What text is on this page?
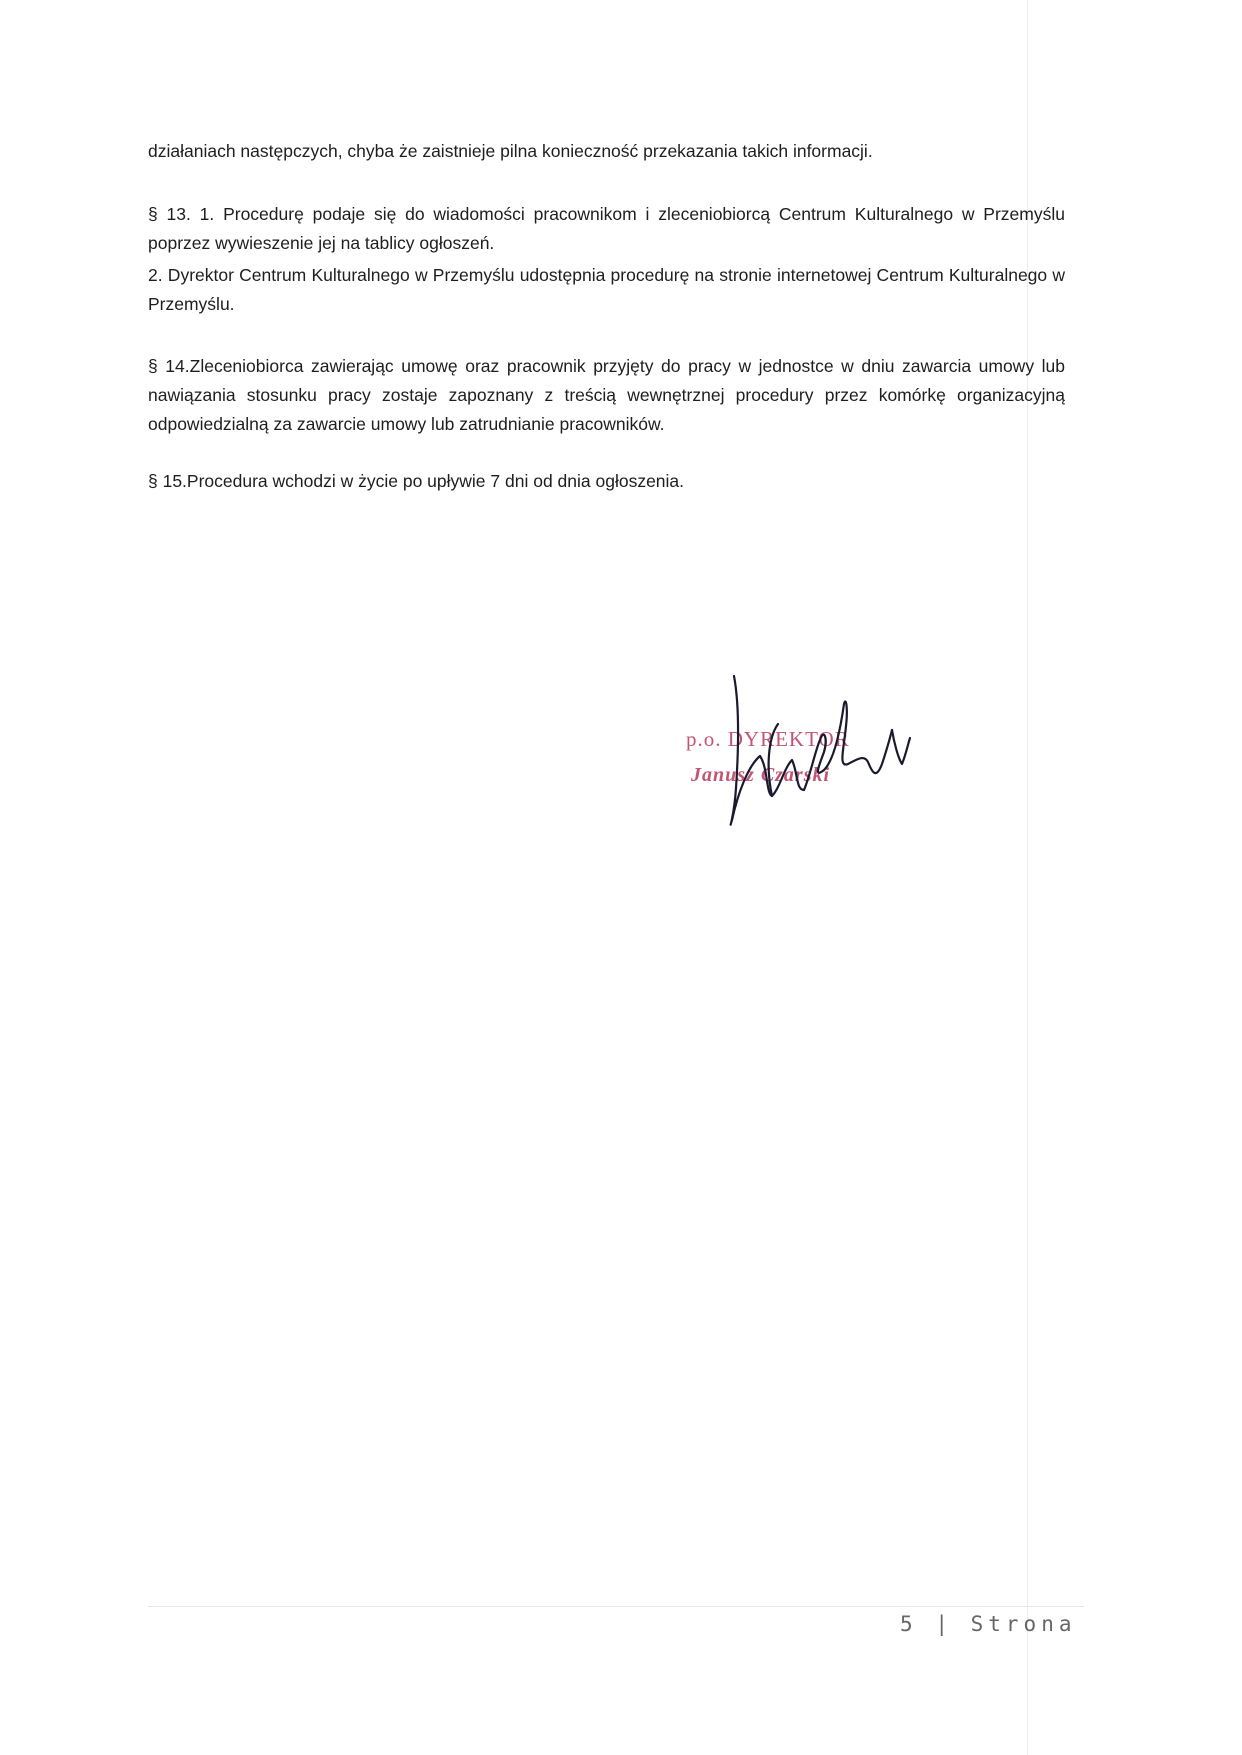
działaniach następczych, chyba że zaistnieje pilna konieczność przekazania takich informacji.

§ 13. 1. Procedurę podaje się do wiadomości pracownikom i zleceniobiorcą Centrum Kulturalnego w Przemyślu poprzez wywieszenie jej na tablicy ogłoszeń.

2. Dyrektor Centrum Kulturalnego w Przemyślu udostępnia procedurę na stronie internetowej Centrum Kulturalnego w Przemyślu.

§ 14.Zleceniobiorca zawierając umowę oraz pracownik przyjęty do pracy w jednostce w dniu zawarcia umowy lub nawiązania stosunku pracy zostaje zapoznany z treścią wewnętrznej procedury przez komórkę organizacyjną odpowiedzialną za zawarcie umowy lub zatrudnianie pracowników.

§ 15.Procedura wchodzi w życie po upływie 7 dni od dnia ogłoszenia.

p.o. DYREKTOR
Janusz Czarski
5 | Strona
